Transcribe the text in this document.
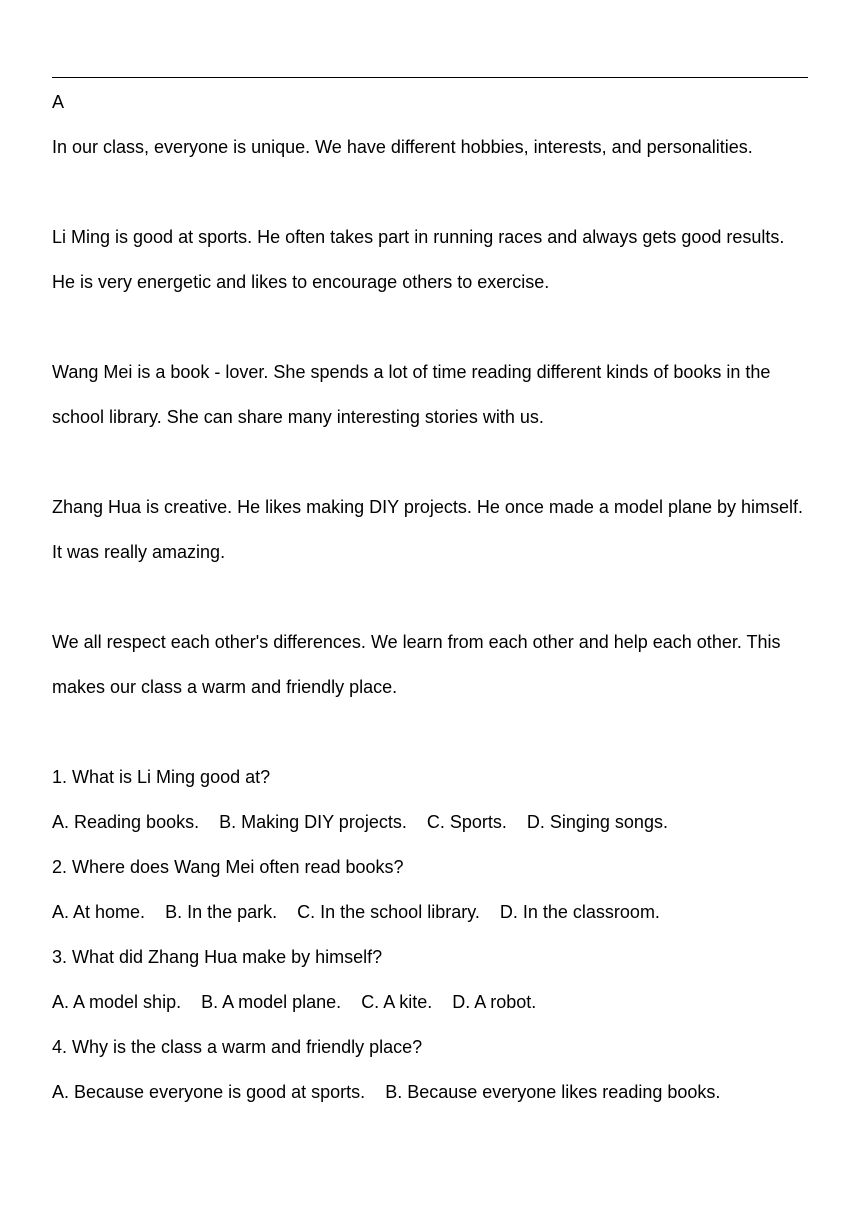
A

In our class, everyone is unique. We have different hobbies, interests, and personalities.

Li Ming is good at sports. He often takes part in running races and always gets good results.

He is very energetic and likes to encourage others to exercise.

Wang Mei is a book - lover. She spends a lot of time reading different kinds of books in the

school library. She can share many interesting stories with us.

Zhang Hua is creative. He likes making DIY projects. He once made a model plane by himself.

It was really amazing.

We all respect each other's differences. We learn from each other and help each other. This

makes our class a warm and friendly place.

1. What is Li Ming good at?

A. Reading books. B. Making DIY projects. C. Sports. D. Singing songs.

2. Where does Wang Mei often read books?

A. At home. B. In the park. C. In the school library. D. In the classroom.

3. What did Zhang Hua make by himself?

A. A model ship. B. A model plane. C. A kite. D. A robot.

4. Why is the class a warm and friendly place?

A. Because everyone is good at sports. B. Because everyone likes reading books.
